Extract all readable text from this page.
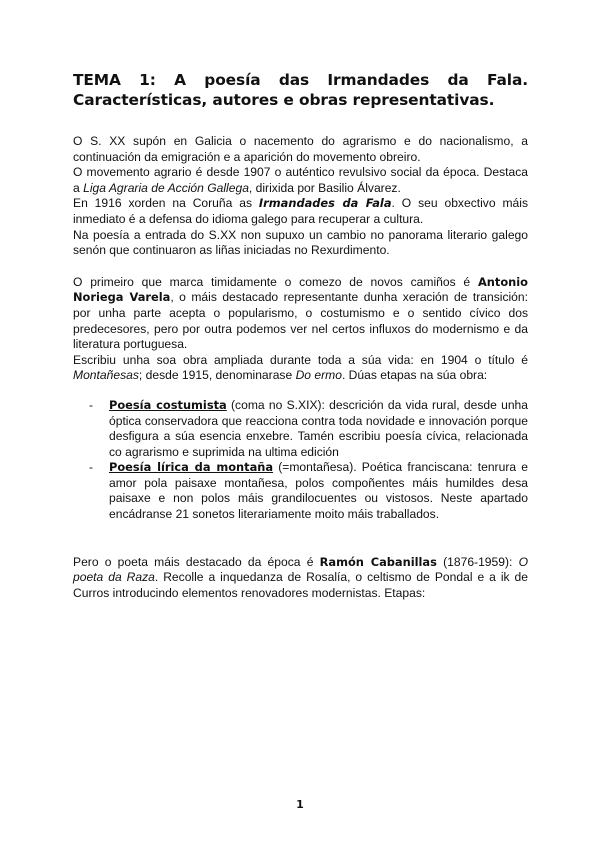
TEMA 1: A poesía das Irmandades da Fala. Características, autores e obras representativas.

O S. XX supón en Galicia o nacemento do agrarismo e do nacionalismo, a continuación da emigración e a aparición do movemento obreiro.

O movemento agrario é desde 1907 o auténtico revulsivo social da época. Destaca a Liga Agraria de Acción Gallega, dirixida por Basilio Álvarez.

En 1916 xorden na Coruña as Irmandades da Fala. O seu obxectivo máis inmediato é a defensa do idioma galego para recuperar a cultura.

Na poesía a entrada do S.XX non supuxo un cambio no panorama literario galego senón que continuaron as liñas iniciadas no Rexurdimento.

O primeiro que marca timidamente o comezo de novos camiños é Antonio Noriega Varela, o máis destacado representante dunha xeración de transición: por unha parte acepta o popularismo, o costumismo e o sentido cívico dos predecesores, pero por outra podemos ver nel certos influxos do modernismo e da literatura portuguesa.

Escribiu unha soa obra ampliada durante toda a súa vida: en 1904 o título é Montañesas; desde 1915, denominarase Do ermo. Dúas etapas na súa obra:

- Poesía costumista (coma no S.XIX): descrición da vida rural, desde unha óptica conservadora que reacciona contra toda novidade e innovación porque desfigura a súa esencia enxebre. Tamén escribiu poesía cívica, relacionada co agrarismo e suprimida na ultima edición
- Poesía lírica da montaña (=montañesa). Poética franciscana: tenrura e amor pola paisaxe montañesa, polos compoñentes máis humildes desa paisaxe e non polos máis grandilocuentes ou vistosos. Neste apartado encádranse 21 sonetos literariamente moito máis traballados.

Pero o poeta máis destacado da época é Ramón Cabanillas (1876-1959): O poeta da Raza. Recolle a inquedanza de Rosalía, o celtismo de Pondal e a ik de Curros introducindo elementos renovadores modernistas. Etapas:

1
